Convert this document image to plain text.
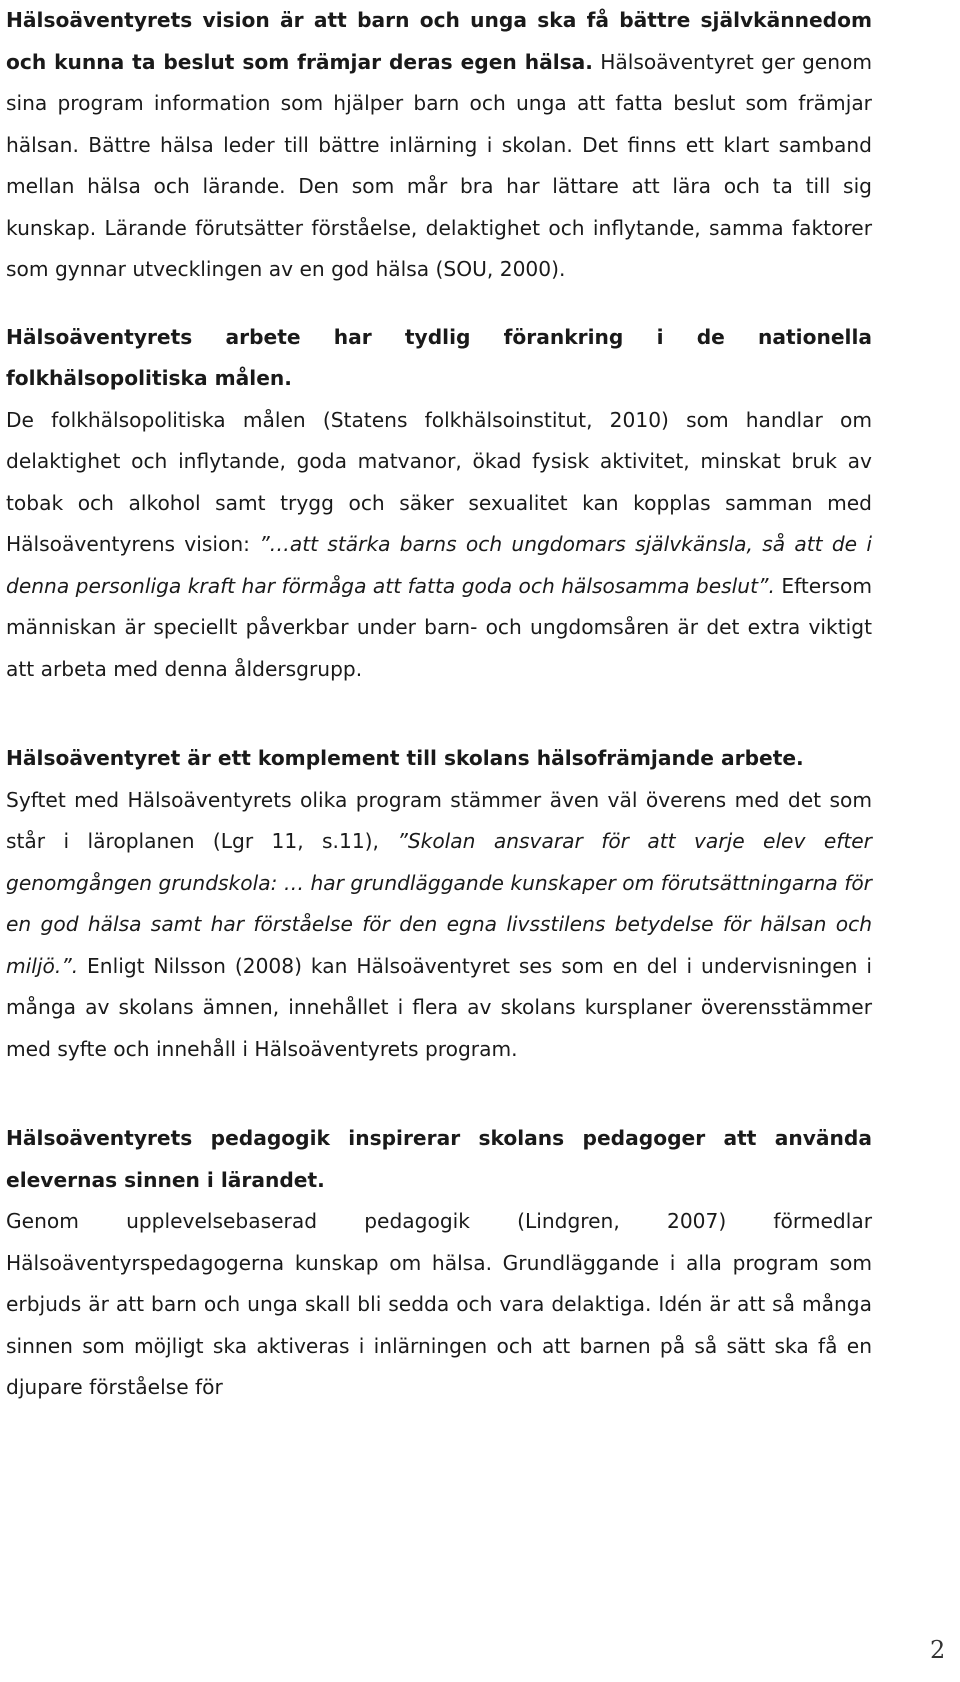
Hälsoäventyrets vision är att barn och unga ska få bättre självkännedom och kunna ta beslut som främjar deras egen hälsa. Hälsoäventyret ger genom sina program information som hjälper barn och unga att fatta beslut som främjar hälsan. Bättre hälsa leder till bättre inlärning i skolan. Det finns ett klart samband mellan hälsa och lärande. Den som mår bra har lättare att lära och ta till sig kunskap. Lärande förutsätter förståelse, delaktighet och inflytande, samma faktorer som gynnar utvecklingen av en god hälsa (SOU, 2000).

Hälsoäventyrets arbete har tydlig förankring i de nationella folkhälsopolitiska målen.

De folkhälsopolitiska målen (Statens folkhälsoinstitut, 2010) som handlar om delaktighet och inflytande, goda matvanor, ökad fysisk aktivitet, minskat bruk av tobak och alkohol samt trygg och säker sexualitet kan kopplas samman med Hälsoäventyrens vision: ”…att stärka barns och ungdomars självkänsla, så att de i denna personliga kraft har förmåga att fatta goda och hälsosamma beslut”. Eftersom människan är speciellt påverkbar under barn- och ungdomsåren är det extra viktigt att arbeta med denna åldersgrupp.

Hälsoäventyret är ett komplement till skolans hälsofrämjande arbete.

Syftet med Hälsoäventyrets olika program stämmer även väl överens med det som står i läroplanen (Lgr 11, s.11), ”Skolan ansvarar för att varje elev efter genomgången grundskola: … har grundläggande kunskaper om förutsättningarna för en god hälsa samt har förståelse för den egna livsstilens betydelse för hälsan och miljö.”. Enligt Nilsson (2008) kan Hälsoäventyret ses som en del i undervisningen i många av skolans ämnen, innehållet i flera av skolans kursplaner överensstämmer med syfte och innehåll i Hälsoäventyrets program.

Hälsoäventyrets pedagogik inspirerar skolans pedagoger att använda elevernas sinnen i lärandet.

Genom upplevelsebaserad pedagogik (Lindgren, 2007) förmedlar Hälsoäventyrspedagogerna kunskap om hälsa. Grundläggande i alla program som erbjuds är att barn och unga skall bli sedda och vara delaktiga. Idén är att så många sinnen som möjligt ska aktiveras i inlärningen och att barnen på så sätt ska få en djupare förståelse för

2
